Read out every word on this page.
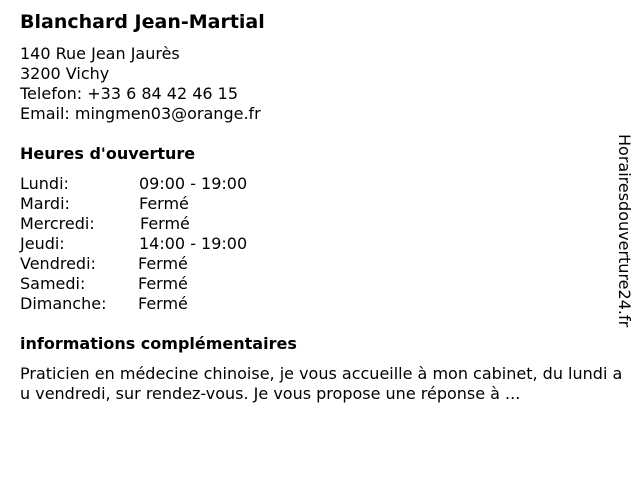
Blanchard Jean-Martial
140 Rue Jean Jaurès
3200 Vichy
Telefon: +33 6 84 42 46 15
Email: mingmen03@orange.fr
Heures d'ouverture
Lundi:	09:00 - 19:00
Mardi:	Fermé
Mercredi:	Fermé
Jeudi:	14:00 - 19:00
Vendredi:	Fermé
Samedi:	Fermé
Dimanche: Fermé
informations complémentaires
Praticien en médecine chinoise, je vous accueille à mon cabinet, du lundi au vendredi, sur rendez-vous. Je vous propose une réponse à ...
Horairesdouverture24.fr
